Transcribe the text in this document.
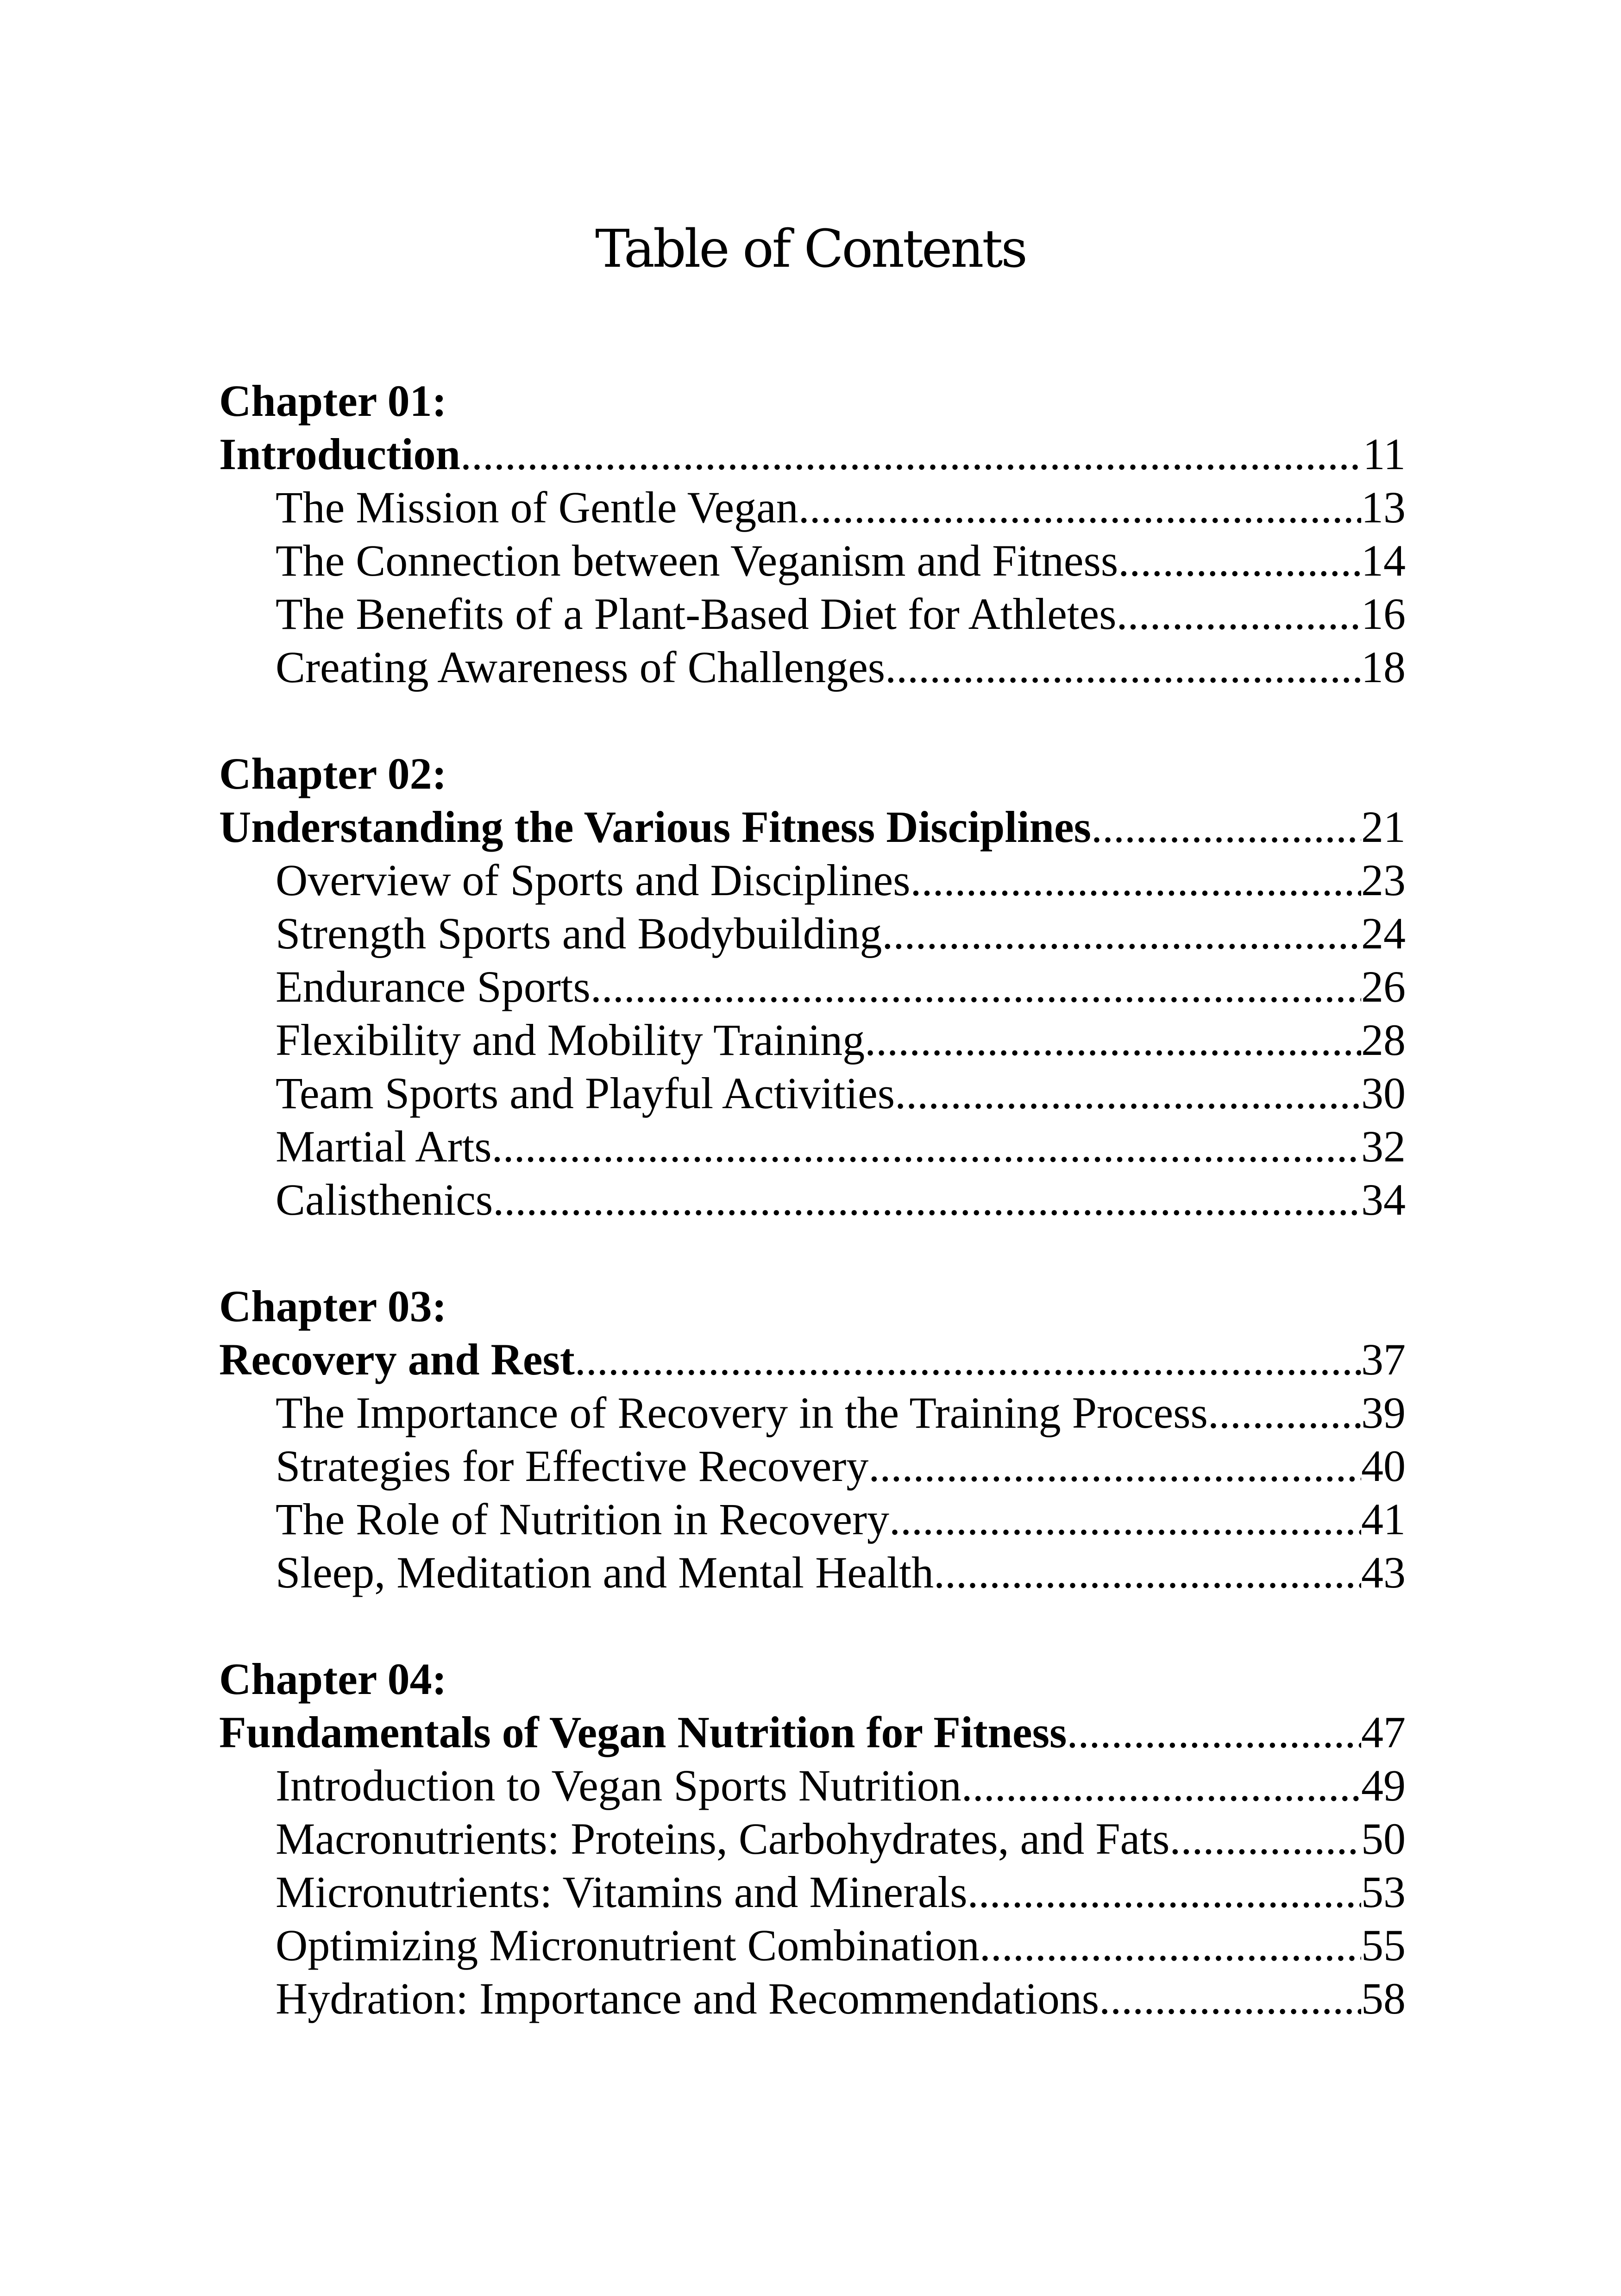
Table of Contents
Chapter 01:
Introduction .....	11
The Mission of Gentle Vegan .....	13
The Connection between Veganism and Fitness .....	14
The Benefits of a Plant-Based Diet for Athletes .....	16
Creating Awareness of Challenges .....	18
Chapter 02:
Understanding the Various Fitness Disciplines .....	21
Overview of Sports and Disciplines .....	23
Strength Sports and Bodybuilding .....	24
Endurance Sports .....	26
Flexibility and Mobility Training .....	28
Team Sports and Playful Activities .....	30
Martial Arts .....	32
Calisthenics .....	34
Chapter 03:
Recovery and Rest .....	37
The Importance of Recovery in the Training Process .....	39
Strategies for Effective Recovery .....	40
The Role of Nutrition in Recovery .....	41
Sleep, Meditation and Mental Health .....	43
Chapter 04:
Fundamentals of Vegan Nutrition for Fitness .....	47
Introduction to Vegan Sports Nutrition .....	49
Macronutrients: Proteins, Carbohydrates, and Fats .....	50
Micronutrients: Vitamins and Minerals .....	53
Optimizing Micronutrient Combination .....	55
Hydration: Importance and Recommendations .....	58
